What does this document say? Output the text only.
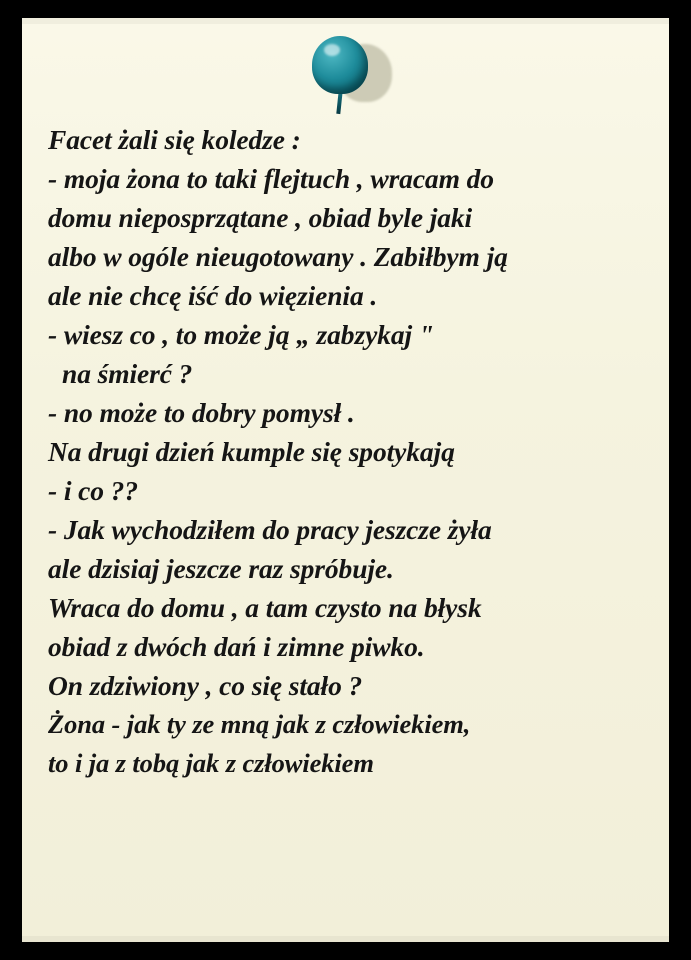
Facet żali się koledze :
- moja żona to taki flejtuch , wracam do
domu nieposprzątane , obiad byle jaki
albo w ogóle nieugotowany . Zabiłbym ją
ale nie chcę iść do więzienia .
- wiesz co , to może ją „ zabzykaj "
na śmierć ?
- no może to dobry pomysł .
Na drugi dzień kumple się spotykają
- i co ??
- Jak wychodziłem do pracy jeszcze żyła
ale dzisiaj jeszcze raz spróbuje.
Wraca do domu , a tam czysto na błysk
obiad z dwóch dań i zimne piwko.
On zdziwiony , co się stało ?
Żona - jak ty ze mną jak z człowiekiem,
to i ja z tobą jak z człowiekiem
